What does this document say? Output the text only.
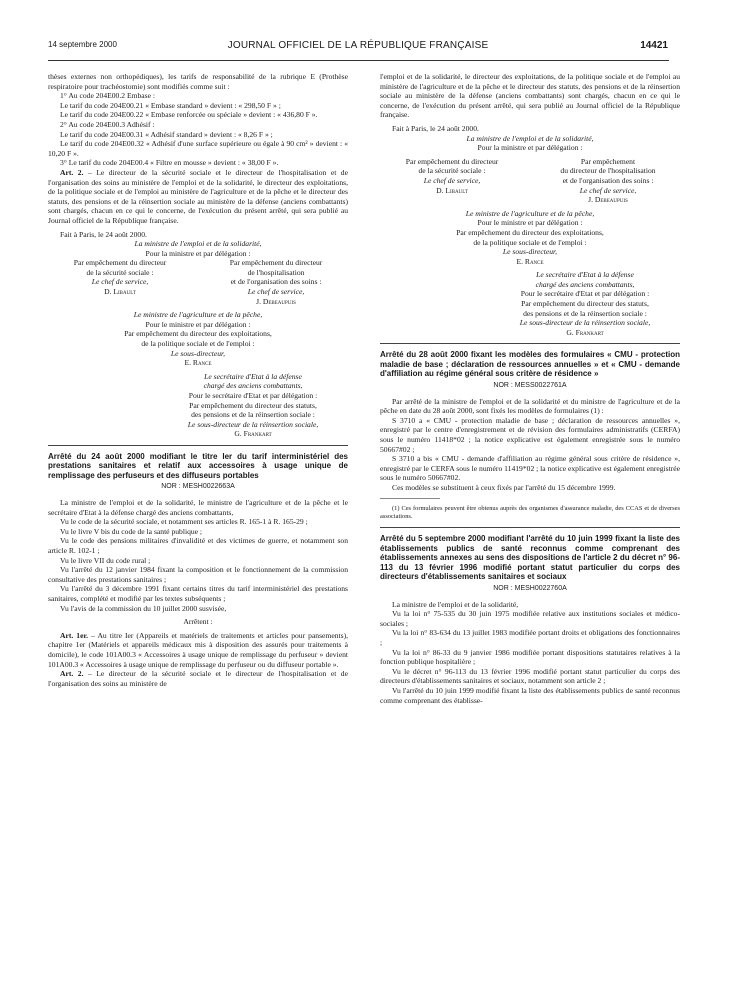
14 septembre 2000	JOURNAL OFFICIEL DE LA RÉPUBLIQUE FRANÇAISE	14421

thèses externes non orthopédiques), les tarifs de responsabilité de la rubrique E (Prothèse respiratoire pour trachéostomie) sont modifiés comme suit :

1° Au code 204E00.2 Embase :

Le tarif du code 204E00.21 « Embase standard » devient : « 298,50 F » ;

Le tarif du code 204E00.22 « Embase renforcée ou spéciale » devient : « 436,80 F ».

2° Au code 204E00.3 Adhésif :

Le tarif du code 204E00.31 « Adhésif standard » devient : « 8,26 F » ;

Le tarif du code 204E00.32 « Adhésif d'une surface supérieure ou égale à 90 cm² » devient : « 10,20 F ».

3° Le tarif du code 204E00.4 « Filtre en mousse » devient : « 38,00 F ».

Art. 2. – Le directeur de la sécurité sociale et le directeur de l'hospitalisation et de l'organisation des soins au ministère de l'emploi et de la solidarité, le directeur des exploitations, de la politique sociale et de l'emploi au ministère de l'agriculture et de la pêche et le directeur des statuts, des pensions et de la réinsertion sociale au ministère de la défense (anciens combattants) sont chargés, chacun en ce qui le concerne, de l'exécution du présent arrêté, qui sera publié au Journal officiel de la République française.

Fait à Paris, le 24 août 2000.

La ministre de l'emploi et de la solidarité,

Pour la ministre et par délégation :

Par empêchement du directeur

de la sécurité sociale :

Le chef de service,

D. Libault

Par empêchement du directeur

de l'hospitalisation

et de l'organisation des soins :

Le chef de service,

J. Debeaupuis

Le ministre de l'agriculture et de la pêche,

Pour le ministre et par délégation :

Par empêchement du directeur des exploitations,

de la politique sociale et de l'emploi :

Le sous-directeur,

E. Rance

Le secrétaire d'Etat à la défense

chargé des anciens combattants,

Pour le secrétaire d'Etat et par délégation :

Par empêchement du directeur des statuts,

des pensions et de la réinsertion sociale :

Le sous-directeur de la réinsertion sociale,

G. Frankart

Arrêté du 24 août 2000 modifiant le titre Ier du tarif interministériel des prestations sanitaires et relatif aux accessoires à usage unique de remplissage des perfuseurs et des diffuseurs portables

NOR : MESH0022663A

La ministre de l'emploi et de la solidarité, le ministre de l'agriculture et de la pêche et le secrétaire d'Etat à la défense chargé des anciens combattants,

Vu le code de la sécurité sociale, et notamment ses articles R. 165-1 à R. 165-29 ;

Vu le livre V bis du code de la santé publique ;

Vu le code des pensions militaires d'invalidité et des victimes de guerre, et notamment son article R. 102-1 ;

Vu le livre VII du code rural ;

Vu l'arrêté du 12 janvier 1984 fixant la composition et le fonctionnement de la commission consultative des prestations sanitaires ;

Vu l'arrêté du 3 décembre 1991 fixant certains titres du tarif interministériel des prestations sanitaires, complété et modifié par les textes subséquents ;

Vu l'avis de la commission du 10 juillet 2000 susvisée,

Arrêtent :

Art. 1er. – Au titre Ier (Appareils et matériels de traitements et articles pour pansements), chapitre 1er (Matériels et appareils médicaux mis à disposition des assurés pour traitements à domicile), le code 101A00.3 « Accessoires à usage unique de remplissage du perfuseur » devient 101A00.3 « Accessoires à usage unique de remplissage du perfuseur ou du diffuseur portable ».

Art. 2. – Le directeur de la sécurité sociale et le directeur de l'hospitalisation et de l'organisation des soins au ministère de

l'emploi et de la solidarité, le directeur des exploitations, de la politique sociale et de l'emploi au ministère de l'agriculture et de la pêche et le directeur des statuts, des pensions et de la réinsertion sociale au ministère de la défense (anciens combattants) sont chargés, chacun en ce qui le concerne, de l'exécution du présent arrêté, qui sera publié au Journal officiel de la République française.

Fait à Paris, le 24 août 2000.

La ministre de l'emploi et de la solidarité,

Pour la ministre et par délégation :

Par empêchement du directeur

de la sécurité sociale :

Le chef de service,

D. Libault

Par empêchement

du directeur de l'hospitalisation

et de l'organisation des soins :

Le chef de service,

J. Debeaupuis

Le ministre de l'agriculture et de la pêche,

Pour le ministre et par délégation :

Par empêchement du directeur des exploitations,

de la politique sociale et de l'emploi :

Le sous-directeur,

E. Rance

Le secrétaire d'Etat à la défense

chargé des anciens combattants,

Pour le secrétaire d'Etat et par délégation :

Par empêchement du directeur des statuts,

des pensions et de la réinsertion sociale :

Le sous-directeur de la réinsertion sociale,

G. Frankart

Arrêté du 28 août 2000 fixant les modèles des formulaires « CMU - protection maladie de base ; déclaration de ressources annuelles » et « CMU - demande d'affiliation au régime général sous critère de résidence »

NOR : MESS0022761A

Par arrêté de la ministre de l'emploi et de la solidarité et du ministre de l'agriculture et de la pêche en date du 28 août 2000, sont fixés les modèles de formulaires (1) :

S 3710 a « CMU - protection maladie de base ; déclaration de ressources annuelles », enregistré par le centre d'enregistrement et de révision des formulaires administratifs (CERFA) sous le numéro 11418*02 ; la notice explicative est également enregistrée sous le numéro 50667#02 ;

S 3710 a bis « CMU - demande d'affiliation au régime général sous critère de résidence », enregistré par le CERFA sous le numéro 11419*02 ; la notice explicative est également enregistrée sous le numéro 50667#02.

Ces modèles se substituent à ceux fixés par l'arrêté du 15 décembre 1999.

(1) Ces formulaires peuvent être obtenus auprès des organismes d'assurance maladie, des CCAS et de diverses associations.

Arrêté du 5 septembre 2000 modifiant l'arrêté du 10 juin 1999 fixant la liste des établissements publics de santé reconnus comme comprenant des établissements annexes au sens des dispositions de l'article 2 du décret n° 96-113 du 13 février 1996 modifié portant statut particulier du corps des directeurs d'établissements sanitaires et sociaux

NOR : MESH0022760A

La ministre de l'emploi et de la solidarité,

Vu la loi n° 75-535 du 30 juin 1975 modifiée relative aux institutions sociales et médico-sociales ;

Vu la loi n° 83-634 du 13 juillet 1983 modifiée portant droits et obligations des fonctionnaires ;

Vu la loi n° 86-33 du 9 janvier 1986 modifiée portant dispositions statutaires relatives à la fonction publique hospitalière ;

Vu le décret n° 96-113 du 13 février 1996 modifié portant statut particulier du corps des directeurs d'établissements sanitaires et sociaux, notamment son article 2 ;

Vu l'arrêté du 10 juin 1999 modifié fixant la liste des établissements publics de santé reconnus comme comprenant des établisse-
